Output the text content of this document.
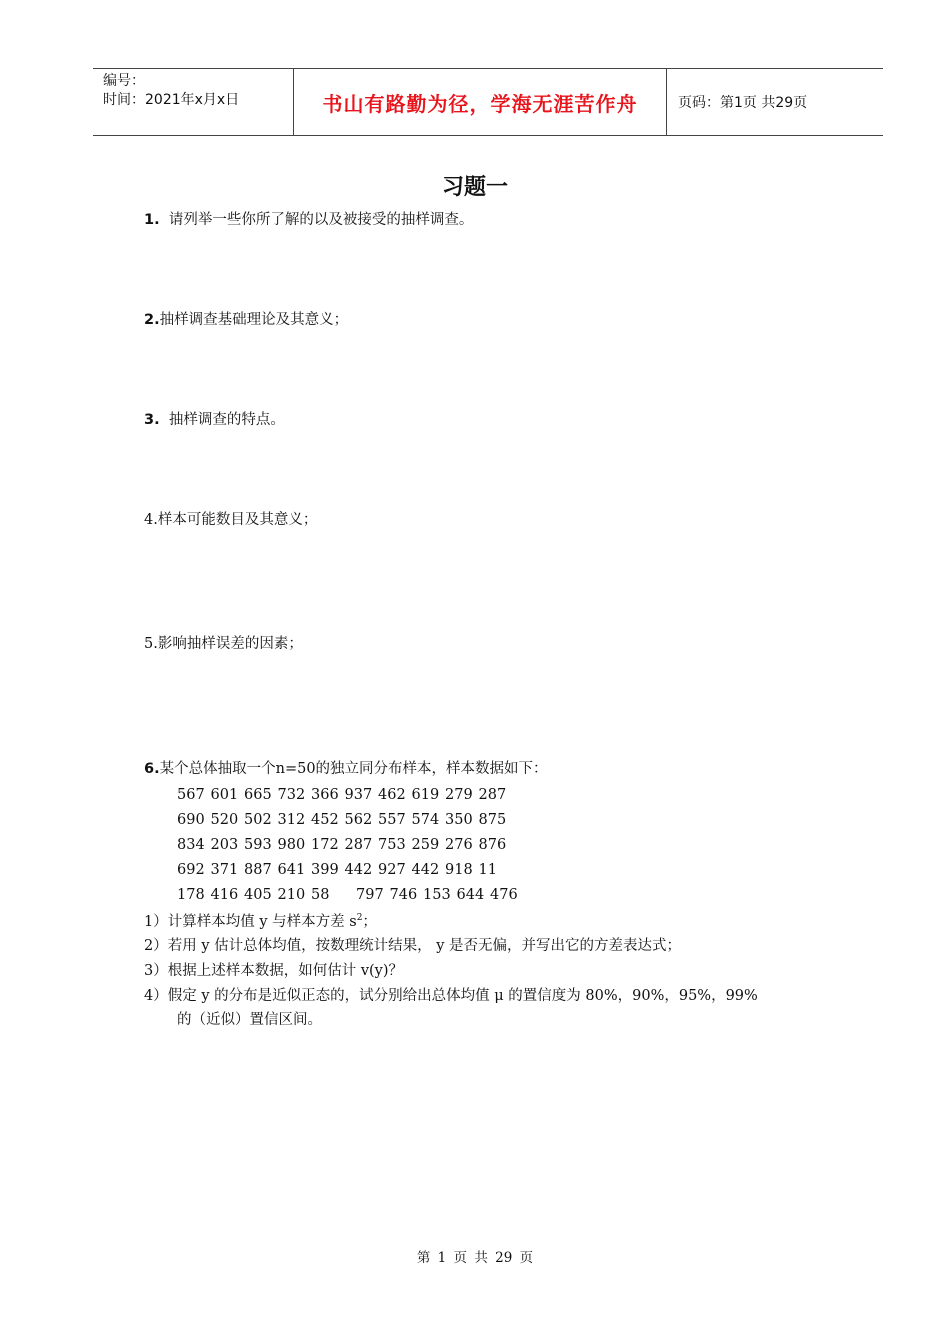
编号：
时间：2021年x月x日	书山有路勤为径，学海无涯苦作舟	页码：第1页 共29页
习题一
1.  请列举一些你所了解的以及被接受的抽样调查。
2.抽样调查基础理论及其意义；
3.  抽样调查的特点。
4.样本可能数目及其意义；
5.影响抽样误差的因素；
6.某个总体抽取一个n=50的独立同分布样本，样本数据如下：
567 601 665 732 366 937 462 619 279 287
690 520 502 312 452 562 557 574 350 875
834 203 593 980 172 287 753 259 276 876
692 371 887 641 399 442 927 442 918 11
178 416 405 210 58	797 746 153 644 476
1）计算样本均值 y 与样本方差 $s^2$；
2）若用 y 估计总体均值，按数理统计结果， y 是否无偏，并写出它的方差表达式；
3）根据上述样本数据，如何估计 v(y)？
4）假定 y 的分布是近似正态的，试分别给出总体均值 μ 的置信度为 80%，90%，95%，99%
的（近似）置信区间。
第 1 页 共 29 页
